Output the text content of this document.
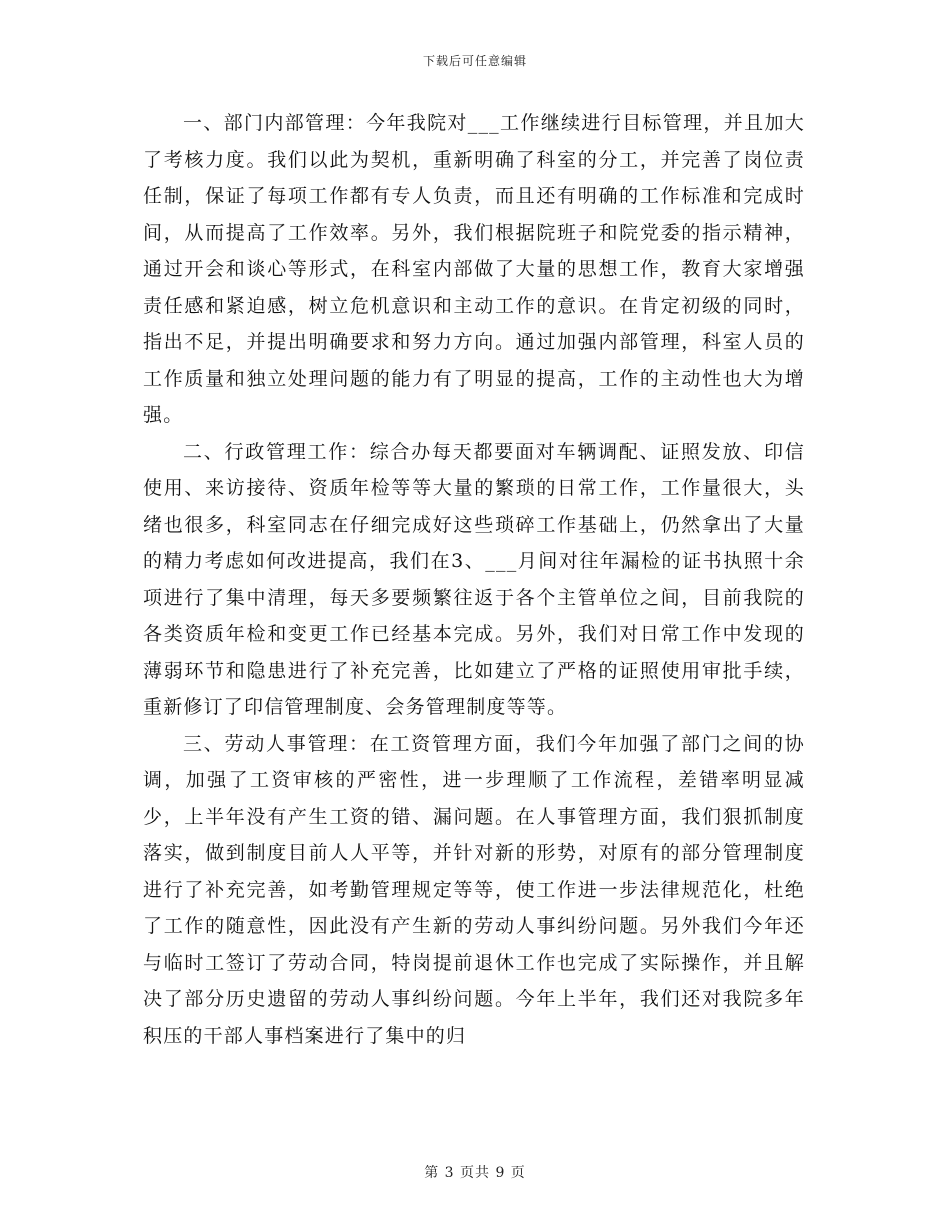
下载后可任意编辑

一、部门内部管理：今年我院对___工作继续进行目标管理，并且加大了考核力度。我们以此为契机，重新明确了科室的分工，并完善了岗位责任制，保证了每项工作都有专人负责，而且还有明确的工作标准和完成时间，从而提高了工作效率。另外，我们根据院班子和院党委的指示精神，通过开会和谈心等形式，在科室内部做了大量的思想工作，教育大家增强责任感和紧迫感，树立危机意识和主动工作的意识。在肯定初级的同时，指出不足，并提出明确要求和努力方向。通过加强内部管理，科室人员的工作质量和独立处理问题的能力有了明显的提高，工作的主动性也大为增强。

二、行政管理工作：综合办每天都要面对车辆调配、证照发放、印信使用、来访接待、资质年检等等大量的繁琐的日常工作，工作量很大，头绪也很多，科室同志在仔细完成好这些琐碎工作基础上，仍然拿出了大量的精力考虑如何改进提高，我们在3、___月间对往年漏检的证书执照十余项进行了集中清理，每天多要频繁往返于各个主管单位之间，目前我院的各类资质年检和变更工作已经基本完成。另外，我们对日常工作中发现的薄弱环节和隐患进行了补充完善，比如建立了严格的证照使用审批手续，重新修订了印信管理制度、会务管理制度等等。

三、劳动人事管理：在工资管理方面，我们今年加强了部门之间的协调，加强了工资审核的严密性，进一步理顺了工作流程，差错率明显减少，上半年没有产生工资的错、漏问题。在人事管理方面，我们狠抓制度落实，做到制度目前人人平等，并针对新的形势，对原有的部分管理制度进行了补充完善，如考勤管理规定等等，使工作进一步法律规范化，杜绝了工作的随意性，因此没有产生新的劳动人事纠纷问题。另外我们今年还与临时工签订了劳动合同，特岗提前退休工作也完成了实际操作，并且解决了部分历史遗留的劳动人事纠纷问题。今年上半年，我们还对我院多年积压的干部人事档案进行了集中的归

第 3 页共 9 页
